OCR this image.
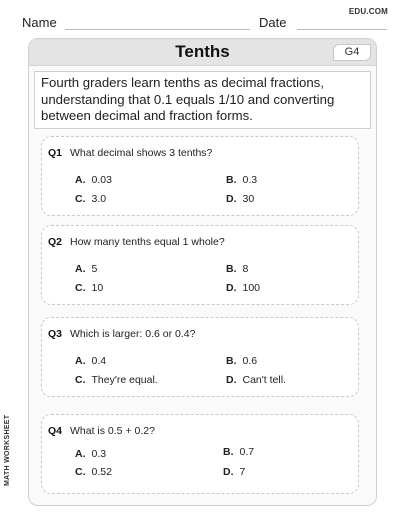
EDU.COM
Name	Date
Tenths	G4
Fourth graders learn tenths as decimal fractions, understanding that 0.1 equals 1/10 and converting between decimal and fraction forms.
Q1 What decimal shows 3 tenths?
A. 0.03	B. 0.3
C. 3.0	D. 30
Q2 How many tenths equal 1 whole?
A. 5	B. 8
C. 10	D. 100
Q3 Which is larger: 0.6 or 0.4?
A. 0.4	B. 0.6
C. They're equal.	D. Can't tell.
Q4 What is 0.5 + 0.2?
A. 0.3	B. 0.7
C. 0.52	D. 7
MATH WORKSHEET
